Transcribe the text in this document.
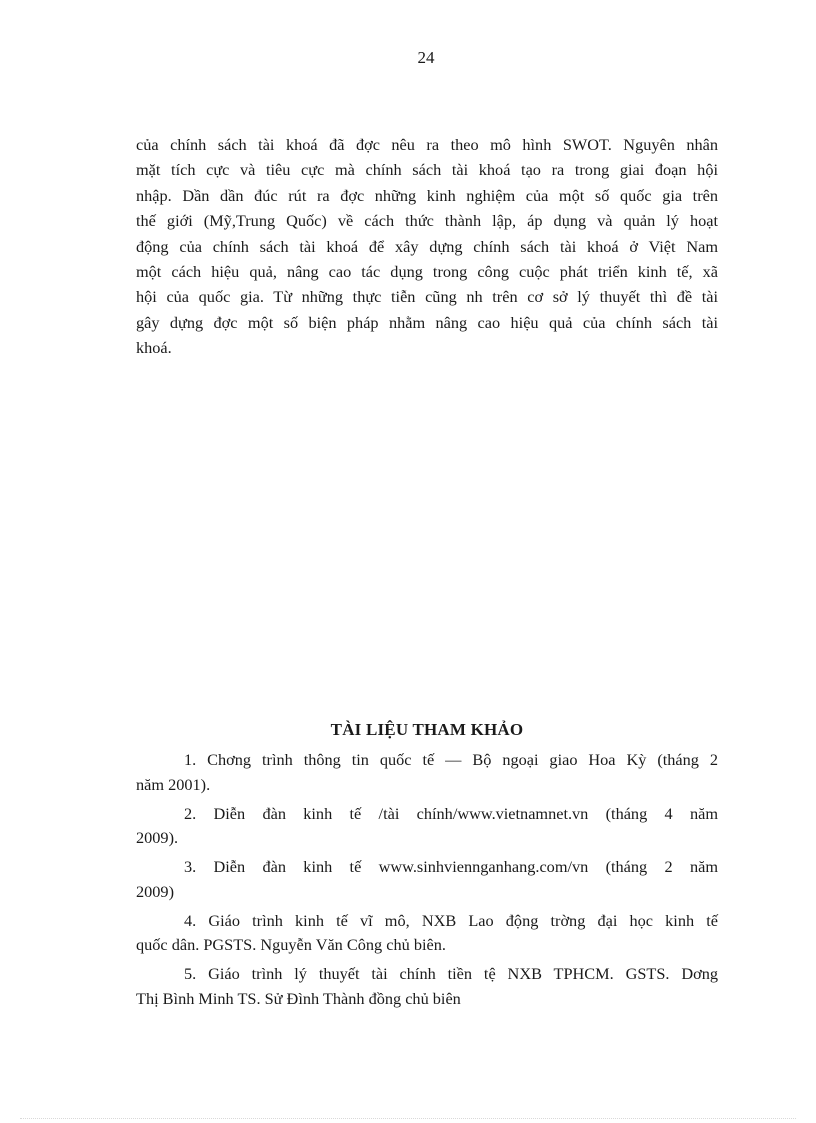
24
của chính sách tài khoá đã đợc nêu ra theo mô hình SWOT. Nguyên nhân
mặt tích cực và tiêu cực mà chính sách tài khoá tạo ra trong giai đoạn hội
nhập. Dần dần đúc rút ra đợc những kinh nghiệm của một số quốc gia trên
thế giới (Mỹ,Trung Quốc) về cách thức thành lập, áp dụng và quản lý hoạt
động của chính sách tài khoá để xây dựng chính sách tài khoá ở Việt Nam
một cách hiệu quả, nâng cao tác dụng trong công cuộc phát triển kinh tế, xã
hội của quốc gia. Từ những thực tiễn cũng nh trên cơ sở lý thuyết thì đề tài
gây dựng đợc một số biện pháp nhằm nâng cao hiệu quả của chính sách tài
khoá.
TÀI LIỆU THAM KHẢO
1. Chơng trình thông tin quốc tế — Bộ ngoại giao Hoa Kỳ (tháng 2
năm 2001).
2. Diễn đàn kinh tế /tài chính/www.vietnamnet.vn (tháng 4 năm
2009).
3. Diễn đàn kinh tế www.sinhviennganhang.com/vn (tháng 2 năm
2009)
4. Giáo trình kinh tế vĩ mô, NXB Lao động trờng đại học kinh tế
quốc dân. PGSTS. Nguyễn Văn Công chủ biên.
5. Giáo trình lý thuyết tài chính tiền tệ NXB TPHCM. GSTS. Dơng
Thị Bình Minh TS. Sử Đình Thành đồng chủ biên
